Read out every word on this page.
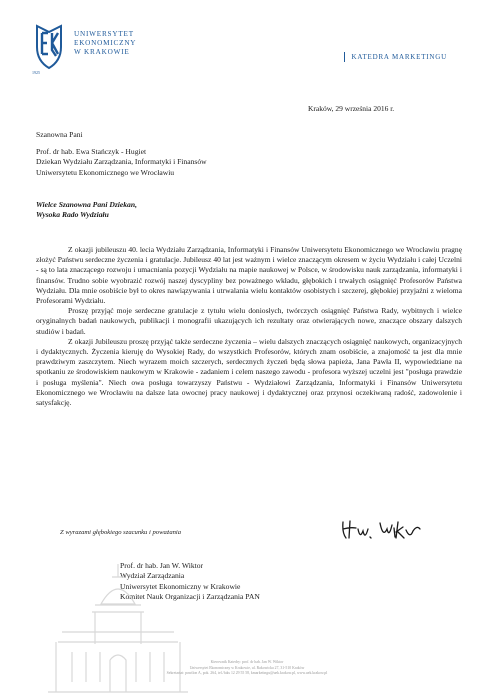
UNIWERSYTET
EKONOMICZNY
W KRAKOWIE
1925
KATEDRA MARKETINGU
Kraków, 29 września 2016 r.
Szanowna Pani
Prof. dr hab. Ewa Stańczyk - Hugiet
Dziekan Wydziału Zarządzania, Informatyki i Finansów
Uniwersytetu Ekonomicznego we Wrocławiu
Wielce Szanowna Pani Dziekan,
Wysoka Rado Wydziału

Z okazji jubileuszu 40. lecia Wydziału Zarządzania, Informatyki i Finansów Uniwersytetu Ekonomicznego we Wrocławiu pragnę złożyć Państwu serdeczne życzenia i gratulacje. Jubileusz 40 lat jest ważnym i wielce znaczącym okresem w życiu Wydziału i całej Uczelni - są to lata znaczącego rozwoju i umacniania pozycji Wydziału na mapie naukowej w Polsce, w środowisku nauk zarządzania, informatyki i finansów. Trudno sobie wyobrazić rozwój naszej dyscypliny bez poważnego wkładu, głębokich i trwałych osiągnięć Profesorów Państwa Wydziału. Dla mnie osobiście był to okres nawiązywania i utrwalania wielu kontaktów osobistych i szczerej, głębokiej przyjaźni z wieloma Profesorami Wydziału.

Proszę przyjąć moje serdeczne gratulacje z tytułu wielu doniosłych, twórczych osiągnięć Państwa Rady, wybitnych i wielce oryginalnych badań naukowych, publikacji i monografii ukazujących ich rezultaty oraz otwierających nowe, znaczące obszary dalszych studiów i badań.

Z okazji Jubileuszu proszę przyjąć także serdeczne życzenia – wielu dalszych znaczących osiągnięć naukowych, organizacyjnych i dydaktycznych. Życzenia kieruję do Wysokiej Rady, do wszystkich Profesorów, których znam osobiście, a znajomość ta jest dla mnie prawdziwym zaszczytem. Niech wyrazem moich szczerych, serdecznych życzeń będą słowa papieża, Jana Pawła II, wypowiedziane na spotkaniu ze środowiskiem naukowym w Krakowie - zadaniem i celem naszego zawodu - profesora wyższej uczelni jest "posługa prawdzie i posługa myślenia". Niech owa posługa towarzyszy Państwu - Wydziałowi Zarządzania, Informatyki i Finansów Uniwersytetu Ekonomicznego we Wrocławiu na dalsze lata owocnej pracy naukowej i dydaktycznej oraz przynosi oczekiwaną radość, zadowolenie i satysfakcję.

Z wyrazami głębokiego szacunku i poważania
Prof. dr hab. Jan W. Wiktor
Wydział Zarządzania
Uniwersytet Ekonomiczny w Krakowie
Komitet Nauk Organizacji i Zarządzania PAN
Kierownik Katedry: prof. dr hab. Jan W. Wiktor
Uniwersytet Ekonomiczny w Krakowie, ul. Rakowicka 27, 31-510 Kraków
Sekretariat: pawilon A, pok. 264, tel./faks 12 29 55 58, kmarketingu@uek.krakow.pl, www.uek.krakow.pl
